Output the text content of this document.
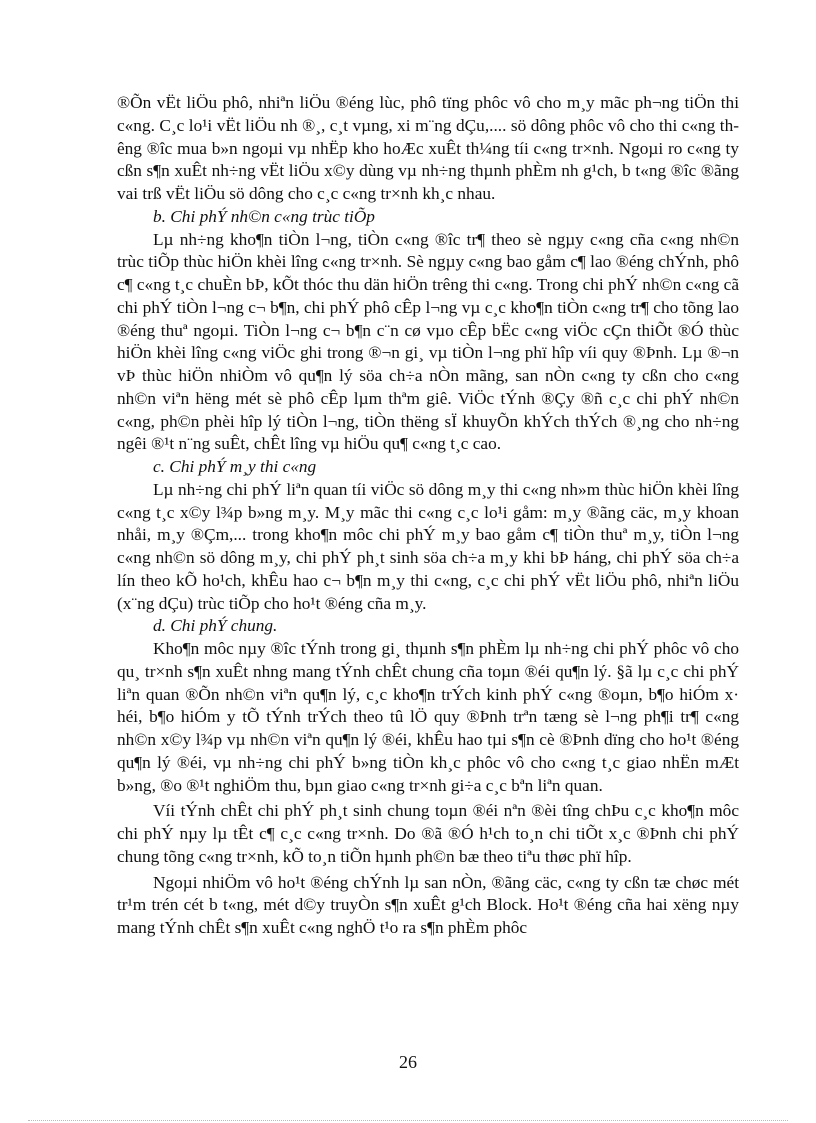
®Õn vËt liÖu phô, nhiªn liÖu ®éng lùc, phô tïng phôc vô cho m¸y mãc ph¬ng tiÖn thi c«ng. C¸c lo¹i vËt liÖu nh ®¸, c¸t vµng, xi m¨ng dÇu,.... sö dông phôc vô cho thi c«ng thêng ®îc mua b»n ngoµi vµ nhËp kho hoÆc xuÊt th¼ng tíi c«ng tr×nh. Ngoµi ro c«ng ty cßn s¶n xuÊt nh÷ng vËt liÖu x©y dùng vµ nh÷ng thµnh phÈm nh g¹ch, b t«ng ®îc ®ãng vai trß vËt liÖu sö dông cho c¸c c«ng tr×nh kh¸c nhau.

b. Chi phÝ nh©n c«ng trùc tiÕp

Lµ nh÷ng kho¶n tiÒn l¬ng, tiÒn c«ng ®îc tr¶ theo sè ngµy c«ng cña c«ng nh©n trùc tiÕp thùc hiÖn khèi lîng c«ng tr×nh. Sè ngµy c«ng bao gåm c¶ lao ®éng chÝnh, phô c¶ c«ng t¸c chuÈn bÞ, kÕt thóc thu dän hiÖn trêng thi c«ng. Trong chi phÝ nh©n c«ng cã chi phÝ tiÒn l¬ng c¬ b¶n, chi phÝ phô cÊp l¬ng vµ c¸c kho¶n tiÒn c«ng tr¶ cho tõng lao ®éng thuª ngoµi. TiÒn l¬ng c¬ b¶n c¨n cø vµo cÊp bËc c«ng viÖc cÇn thiÕt ®Ó thùc hiÖn khèi lîng c«ng viÖc ghi trong ®¬n gi¸ vµ tiÒn l¬ng phï hîp víi quy ®Þnh. Lµ ®¬n vÞ thùc hiÖn nhiÒm vô qu¶n lý söa ch÷a nÒn mãng, san nÒn c«ng ty cßn cho c«ng nh©n viªn hëng mét sè phô cÊp lµm thªm giê. ViÖc tÝnh ®Çy ®ñ c¸c chi phÝ nh©n c«ng, ph©n phèi hîp lý tiÒn l¬ng, tiÒn thëng sÏ khuyÕn khÝch thÝch ®¸ng cho nh÷ng ngêi ®¹t n¨ng suÊt, chÊt lîng vµ hiÖu qu¶ c«ng t¸c cao.

c. Chi phÝ m¸y thi c«ng

Lµ nh÷ng chi phÝ liªn quan tíi viÖc sö dông m¸y thi c«ng nh»m thùc hiÖn khèi lîng c«ng t¸c x©y l¾p b»ng m¸y. M¸y mãc thi c«ng c¸c lo¹i gåm: m¸y ®ãng cäc, m¸y khoan nhåi, m¸y ®Çm,... trong kho¶n môc chi phÝ m¸y bao gåm c¶ tiÒn thuª m¸y, tiÒn l¬ng c«ng nh©n sö dông m¸y, chi phÝ ph¸t sinh söa ch÷a m¸y khi bÞ háng, chi phÝ söa ch÷a lín theo kÕ ho¹ch, khÊu hao c¬ b¶n m¸y thi c«ng, c¸c chi phÝ vËt liÖu phô, nhiªn liÖu (x¨ng dÇu) trùc tiÕp cho ho¹t ®éng cña m¸y.

d. Chi phÝ chung.

Kho¶n môc nµy ®îc tÝnh trong gi¸ thµnh s¶n phÈm lµ nh÷ng chi phÝ phôc vô cho qu¸ tr×nh s¶n xuÊt nhng mang tÝnh chÊt chung cña toµn ®éi qu¶n lý. §ã lµ c¸c chi phÝ liªn quan ®Õn nh©n viªn qu¶n lý, c¸c kho¶n trÝch kinh phÝ c«ng ®oµn, b¶o hiÓm x· héi, b¶o hiÓm y tÕ tÝnh trÝch theo tû lÖ quy ®Þnh trªn tæng sè l¬ng ph¶i tr¶ c«ng nh©n x©y l¾p vµ nh©n viªn qu¶n lý ®éi, khÊu hao tµi s¶n cè ®Þnh dïng cho ho¹t ®éng qu¶n lý ®éi, vµ nh÷ng chi phÝ b»ng tiÒn kh¸c phôc vô cho c«ng t¸c giao nhËn mÆt b»ng, ®o ®¹t nghiÖm thu, bµn giao c«ng tr×nh gi÷a c¸c bªn liªn quan.

Víi tÝnh chÊt chi phÝ ph¸t sinh chung toµn ®éi nªn ®èi tîng chÞu c¸c kho¶n môc chi phÝ nµy lµ tÊt c¶ c¸c c«ng tr×nh. Do ®ã ®Ó h¹ch to¸n chi tiÕt x¸c ®Þnh chi phÝ chung tõng c«ng tr×nh, kÕ to¸n tiÕn hµnh ph©n bæ theo tiªu thøc phï hîp.

Ngoµi nhiÖm vô ho¹t ®éng chÝnh lµ san nÒn, ®ãng cäc, c«ng ty cßn tæ chøc mét tr¹m trén cét b t«ng, mét d©y truyÒn s¶n xuÊt g¹ch Block. Ho¹t ®éng cña hai xëng nµy mang tÝnh chÊt s¶n xuÊt c«ng nghÖ t¹o ra s¶n phÈm phôc

26
